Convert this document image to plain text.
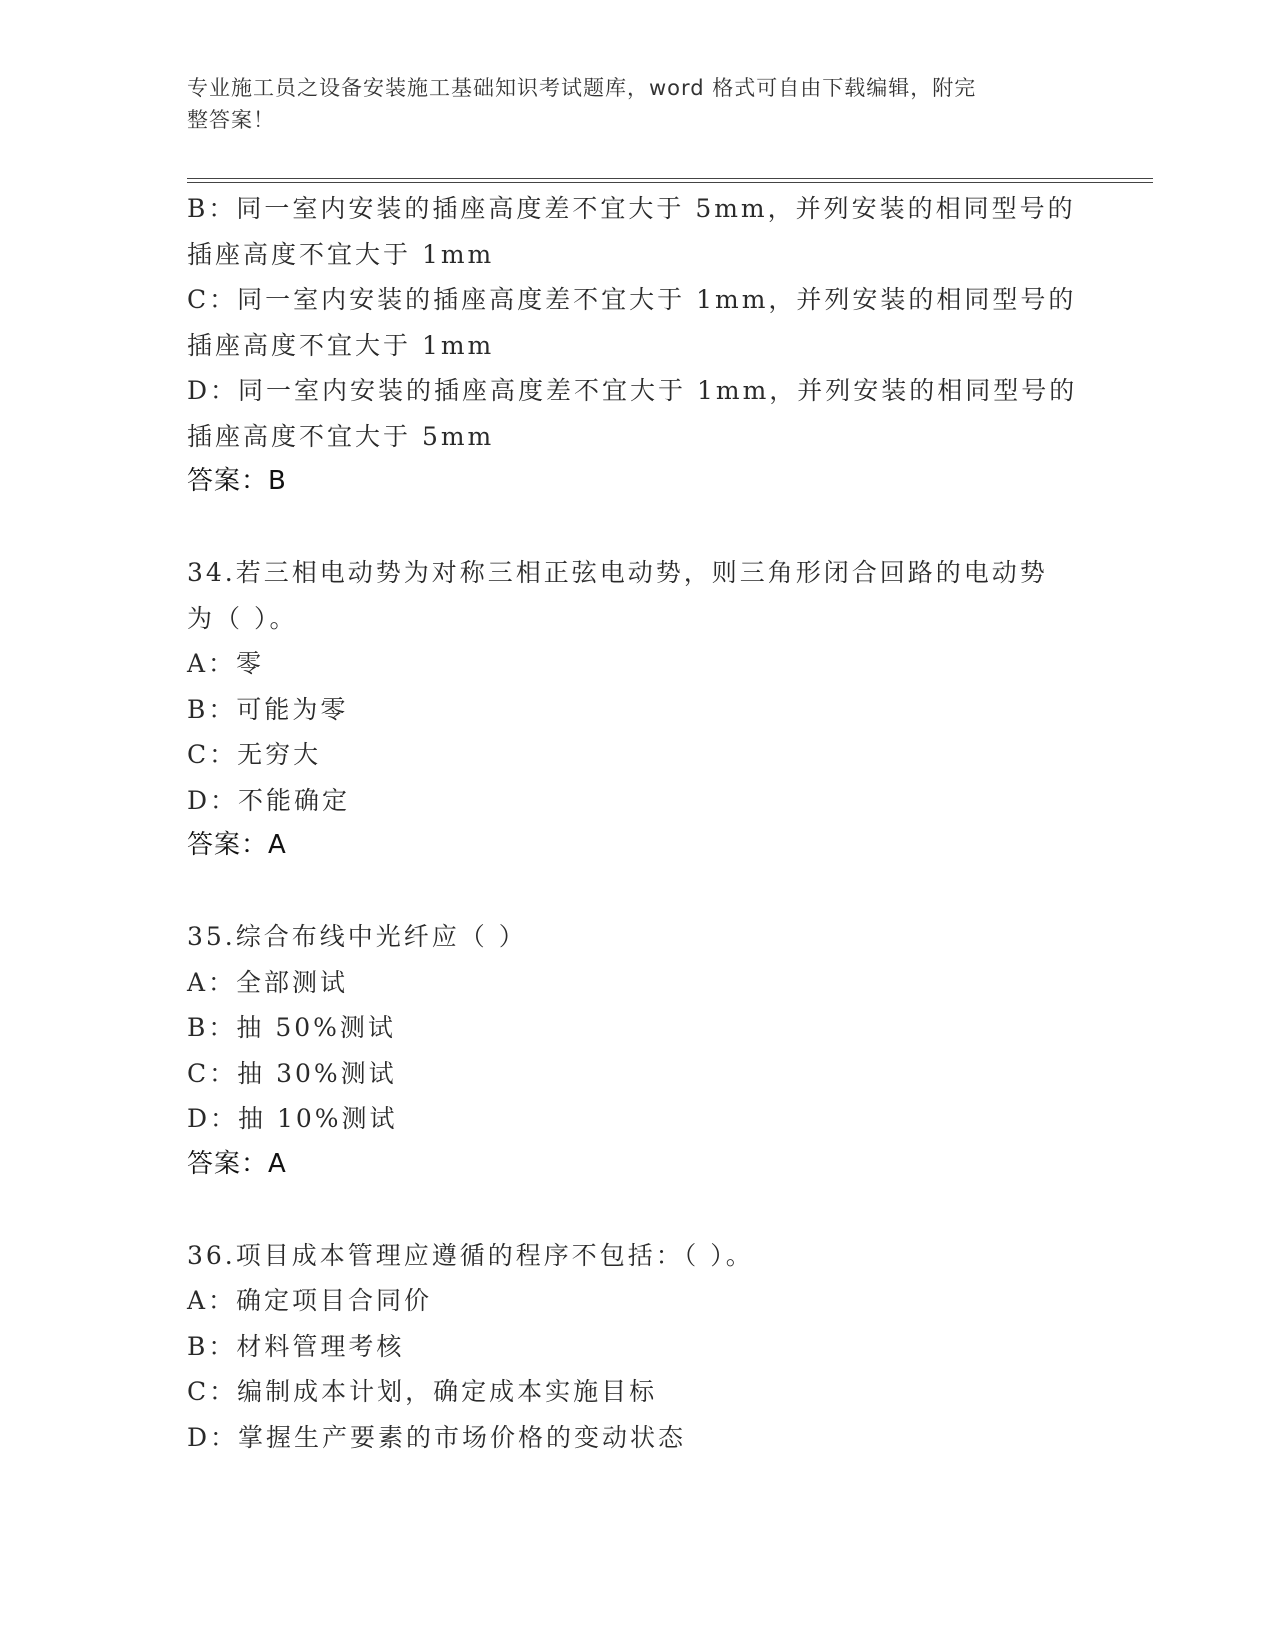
专业施工员之设备安装施工基础知识考试题库，word 格式可自由下载编辑，附完
整答案！
B：同一室内安装的插座高度差不宜大于 5mm，并列安装的相同型号的
插座高度不宜大于 1mm
C：同一室内安装的插座高度差不宜大于 1mm，并列安装的相同型号的
插座高度不宜大于 1mm
D：同一室内安装的插座高度差不宜大于 1mm，并列安装的相同型号的
插座高度不宜大于 5mm
答案：B
34.若三相电动势为对称三相正弦电动势，则三角形闭合回路的电动势
为（ ）。
A：零
B：可能为零
C：无穷大
D：不能确定
答案：A
35.综合布线中光纤应（ ）
A：全部测试
B：抽 50%测试
C：抽 30%测试
D：抽 10%测试
答案：A
36.项目成本管理应遵循的程序不包括：（ ）。
A：确定项目合同价
B：材料管理考核
C：编制成本计划，确定成本实施目标
D：掌握生产要素的市场价格的变动状态
